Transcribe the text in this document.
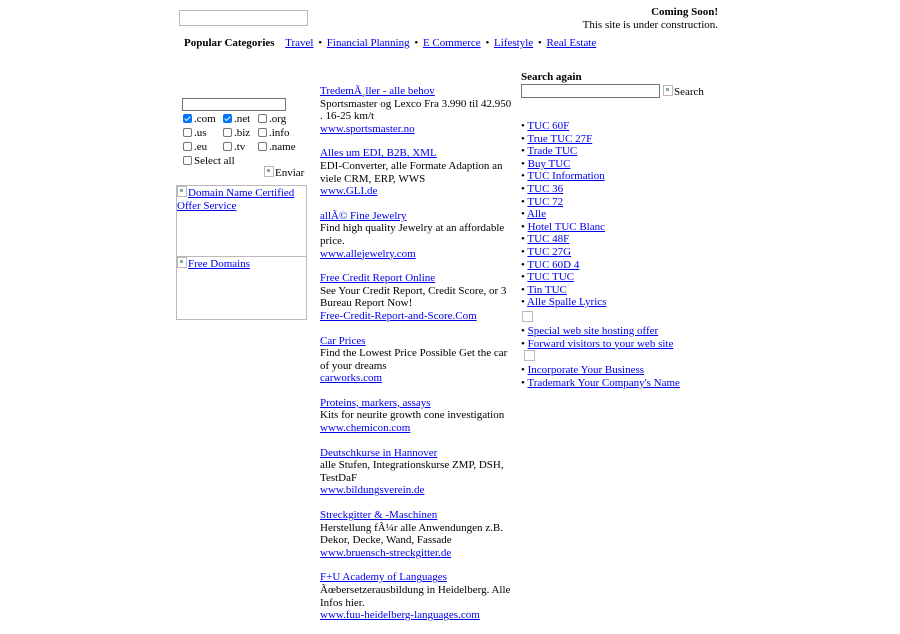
Coming Soon!
This site is under construction.
Popular Categories Travel • Financial Planning • E Commerce • Lifestyle • Real Estate
.com	.net	.org
.us	.biz	.info
.eu	.tv	.name
Select all
Enviar
Domain Name Certified Offer Service
Free Domains
TredemÃ¸ller - alle behov
Sportsmaster og Lexco Fra 3.990 til 42.950 . 16-25 km/t
www.sportsmaster.no
Alles um EDI, B2B, XML
EDI-Converter, alle Formate Adaption an viele CRM, ERP, WWS
www.GLI.de
allÃ© Fine Jewelry
Find high quality Jewelry at an affordable price.
www.allejewelry.com
Free Credit Report Online
See Your Credit Report, Credit Score, or 3 Bureau Report Now!
Free-Credit-Report-and-Score.Com
Car Prices
Find the Lowest Price Possible Get the car of your dreams
carworks.com
Proteins, markers, assays
Kits for neurite growth cone investigation
www.chemicon.com
Deutschkurse in Hannover
alle Stufen, Integrationskurse ZMP, DSH, TestDaF
www.bildungsverein.de
Streckgitter & -Maschinen
Herstellung fÃ¼r alle Anwendungen z.B. Dekor, Decke, Wand, Fassade
www.bruensch-streckgitter.de
F+U Academy of Languages
Ãœbersetzerausbildung in Heidelberg. Alle Infos hier.
www.fuu-heidelberg-languages.com
Search again
Search
• TUC 60F
• True TUC 27F
• Trade TUC
• Buy TUC
• TUC Information
• TUC 36
• TUC 72
• Alle
• Hotel TUC Blanc
• TUC 48F
• TUC 27G
• TUC 60D 4
• TUC TUC
• Tin TUC
• Alle Spalle Lyrics
• Special web site hosting offer
• Forward visitors to your web site
• Incorporate Your Business
• Trademark Your Company's Name
